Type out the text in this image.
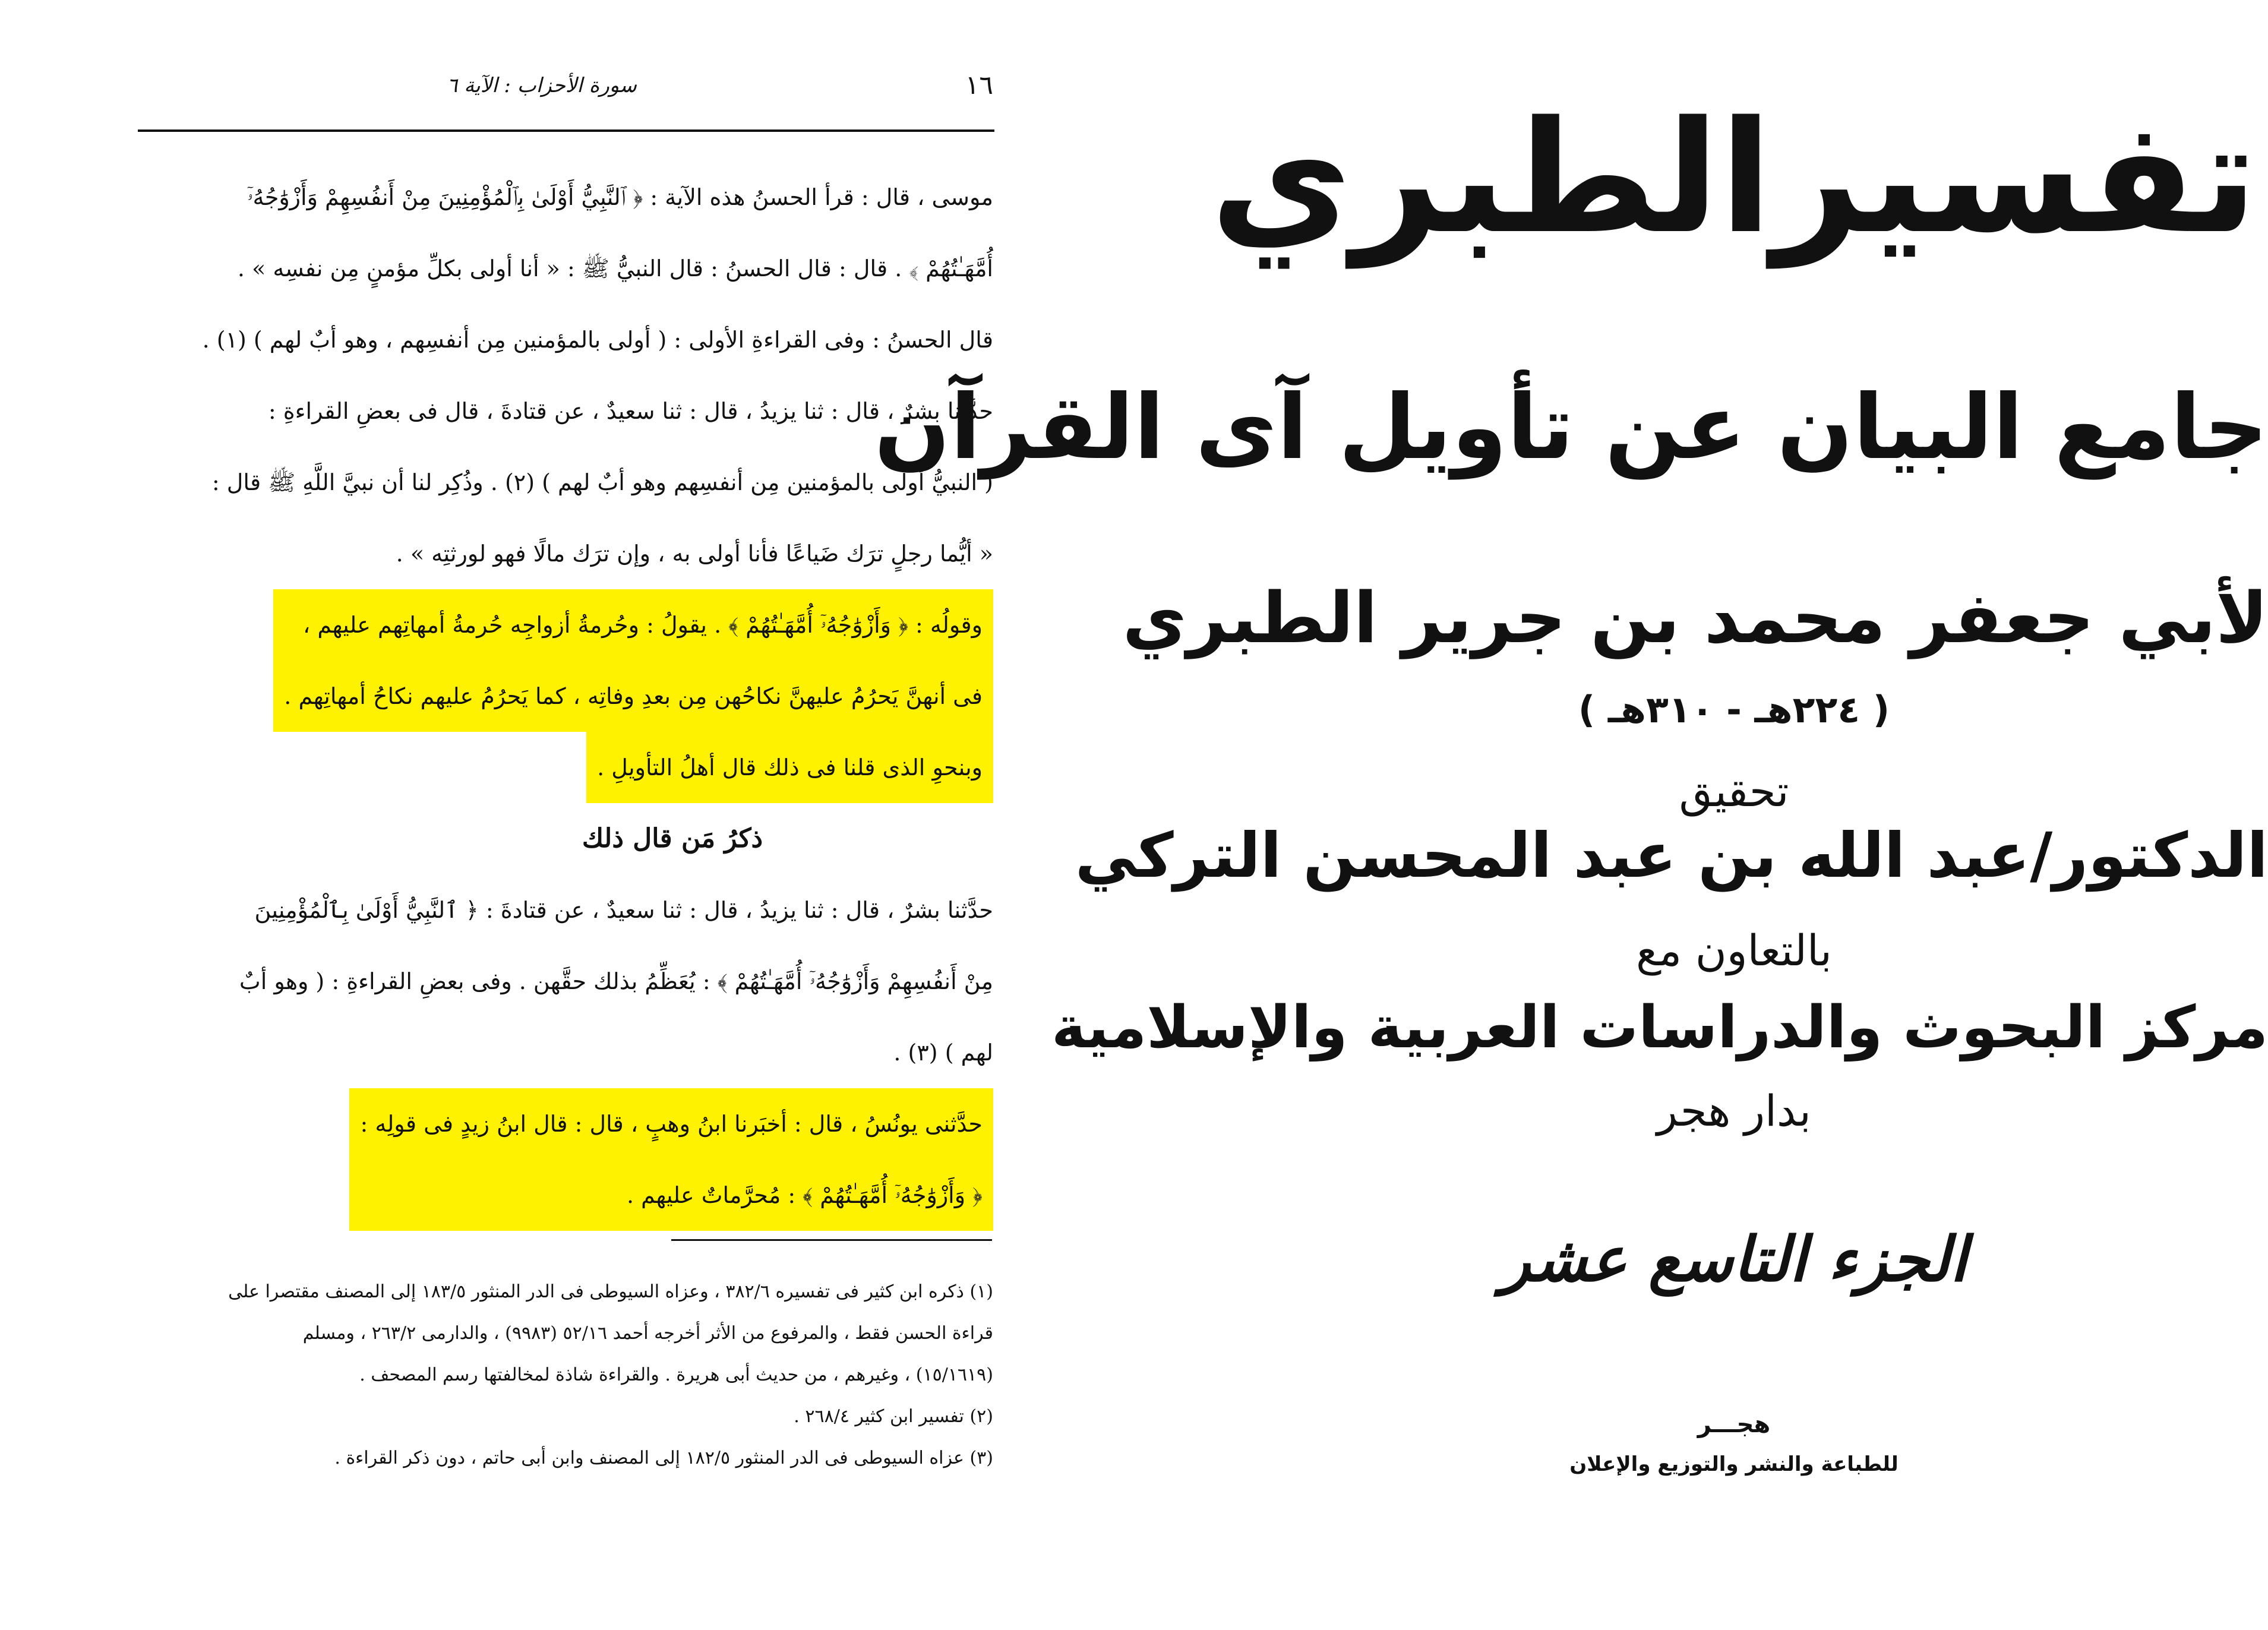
١٦
سورة الأحزاب : الآية ٦
موسى ، قال : قرأ الحسنُ هذه الآية : ﴿ ٱلنَّبِيُّ أَوْلَىٰ بِٱلْمُؤْمِنِينَ مِنْ أَنفُسِهِمْ وَأَزْوَٰجُهُۥٓ
أُمَّهَـٰتُهُمْ ﴾ . قال : قال الحسنُ : قال النبيُّ ﷺ : « أنا أولى بكلِّ مؤمنٍ مِن نفسِه » .
قال الحسنُ : وفى القراءةِ الأولى : ( أولى بالمؤمنين مِن أنفسِهم ، وهو أبٌ لهم ) (١) .
حدَّثنا بشرٌ ، قال : ثنا يزيدُ ، قال : ثنا سعيدٌ ، عن قتادةَ ، قال فى بعضِ القراءةِ :
( النبيُّ أولى بالمؤمنين مِن أنفسِهم وهو أبٌ لهم ) (٢) . وذُكِر لنا أن نبيَّ اللَّهِ ﷺ قال :
« أيُّما رجلٍ ترَك ضَياعًا فأنا أولى به ، وإن ترَك مالًا فهو لورثتِه » .
وقولُه : ﴿ وَأَزْوَٰجُهُۥٓ أُمَّهَـٰتُهُمْ ﴾ . يقولُ : وحُرمةُ أزواجِه حُرمةُ أمهاتِهم عليهم ،
فى أنهنَّ يَحرُمُ عليهنَّ نكاحُهن مِن بعدِ وفاتِه ، كما يَحرُمُ عليهم نكاحُ أمهاتِهم .
وبنحوِ الذى قلنا فى ذلك قال أهلُ التأويلِ .
ذكرُ مَن قال ذلك
حدَّثنا بشرٌ ، قال : ثنا يزيدُ ، قال : ثنا سعيدٌ ، عن قتادةَ : ﴿ ٱلنَّبِيُّ أَوْلَىٰ بِٱلْمُؤْمِنِينَ
مِنْ أَنفُسِهِمْ وَأَزْوَٰجُهُۥٓ أُمَّهَـٰتُهُمْ ﴾ : يُعَظِّمُ بذلك حقَّهن . وفى بعضِ القراءةِ : ( وهو أبٌ
لهم ) (٣) .
حدَّثنى يونُسُ ، قال : أخبَرنا ابنُ وهبٍ ، قال : قال ابنُ زيدٍ فى قولِه :
﴿ وَأَزْوَٰجُهُۥٓ أُمَّهَـٰتُهُمْ ﴾ : مُحرَّماتٌ عليهم .
(١) ذكره ابن كثير فى تفسيره ٣٨٢/٦ ، وعزاه السيوطى فى الدر المنثور ١٨٣/٥ إلى المصنف مقتصرا على
قراءة الحسن فقط ، والمرفوع من الأثر أخرجه أحمد ٥٢/١٦ (٩٩٨٣) ، والدارمى ٢٦٣/٢ ، ومسلم
(١٥/١٦١٩) ، وغيرهم ، من حديث أبى هريرة . والقراءة شاذة لمخالفتها رسم المصحف .
(٢) تفسير ابن كثير ٢٦٨/٤ .
(٣) عزاه السيوطى فى الدر المنثور ١٨٢/٥ إلى المصنف وابن أبى حاتم ، دون ذكر القراءة .
تفسيرالطبري
جامع البيان عن تأويل آى القرآن
لأبي جعفر محمد بن جرير الطبري
( ٢٢٤هـ - ٣١٠هـ )
تحقيق
الدكتور/عبد الله بن عبد المحسن التركي
بالتعاون مع
مركز البحوث والدراسات العربية والإسلامية
بدار هجر
الجزء التاسع عشر
هجـــر
للطباعة والنشر والتوزيع والإعلان
